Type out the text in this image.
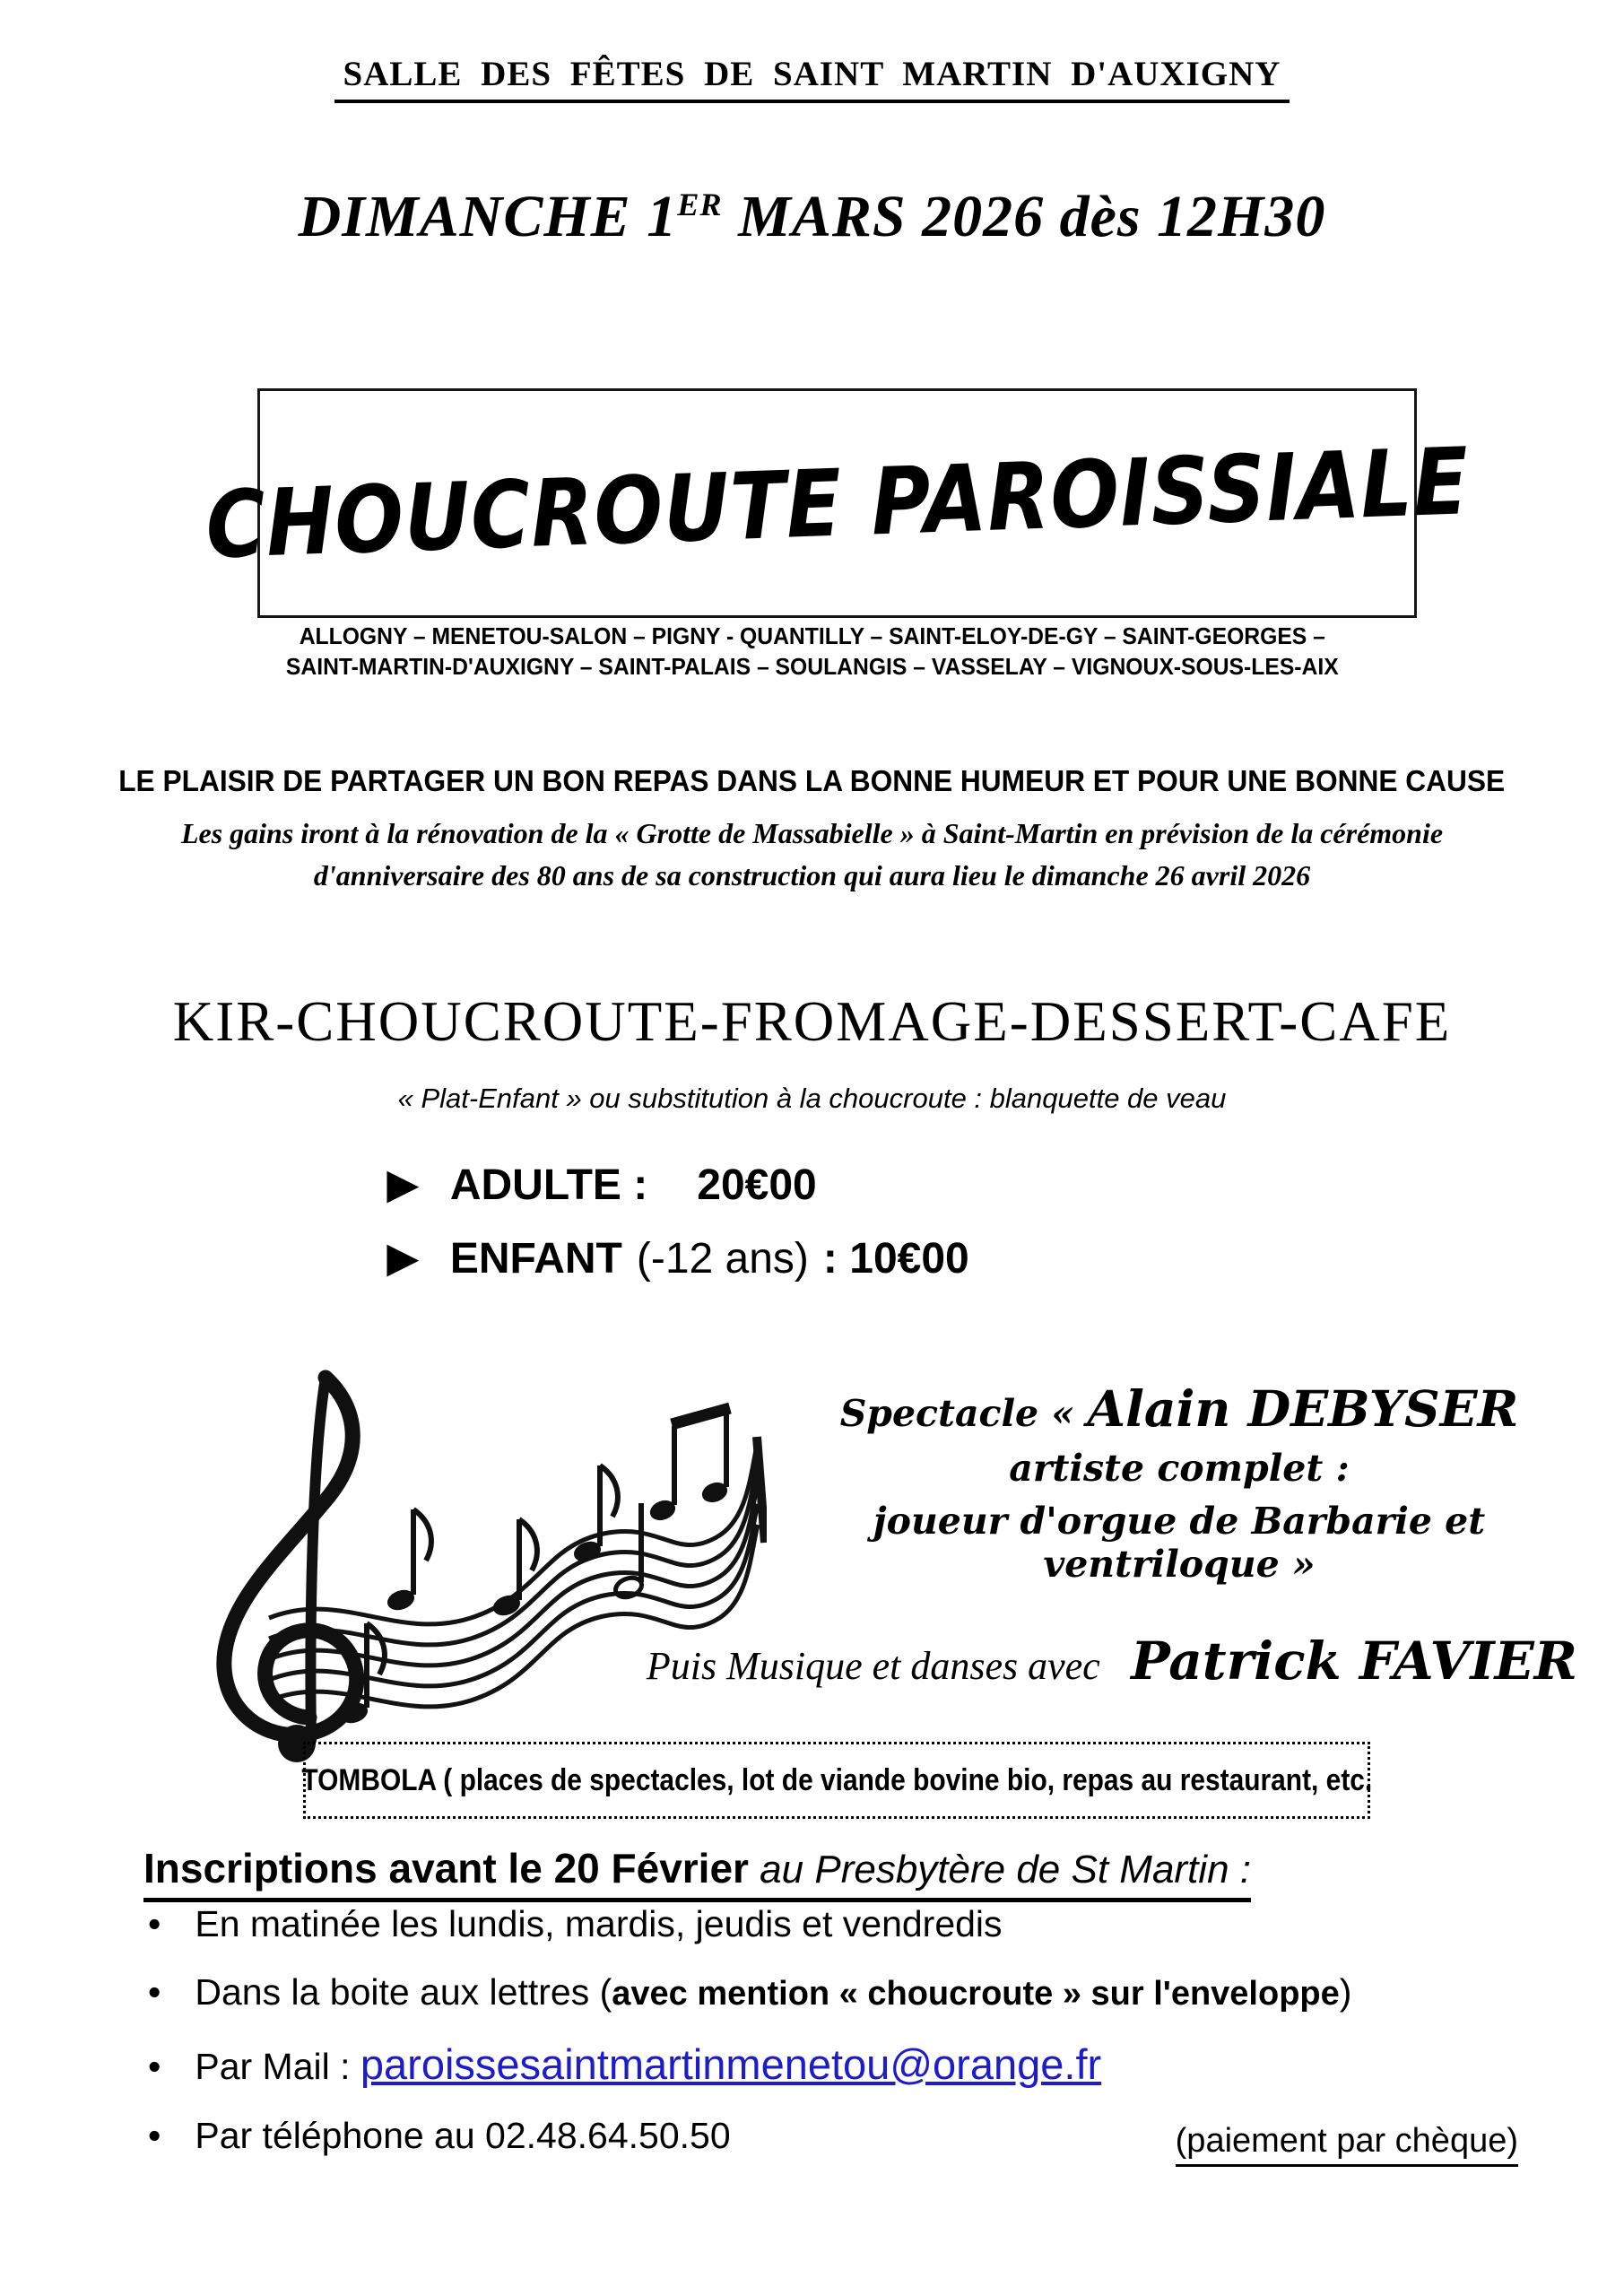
SALLE DES FÊTES DE SAINT MARTIN D'AUXIGNY
DIMANCHE 1ER MARS 2026 dès 12H30
CHOUCROUTE PAROISSIALE
ALLOGNY – MENETOU-SALON – PIGNY - QUANTILLY – SAINT-ELOY-DE-GY – SAINT-GEORGES –
SAINT-MARTIN-D'AUXIGNY – SAINT-PALAIS – SOULANGIS – VASSELAY – VIGNOUX-SOUS-LES-AIX
LE PLAISIR DE PARTAGER UN BON REPAS DANS LA BONNE HUMEUR ET POUR UNE BONNE CAUSE
Les gains iront à la rénovation de la « Grotte de Massabielle » à Saint-Martin en prévision de la cérémonie
d'anniversaire des 80 ans de sa construction qui aura lieu le dimanche 26 avril 2026
KIR-CHOUCROUTE-FROMAGE-DESSERT-CAFE
« Plat-Enfant » ou substitution à la choucroute : blanquette de veau
▶ ADULTE : 20€00
▶ ENFANT (-12 ans) : 10€00
Spectacle « Alain DEBYSER
artiste complet :
joueur d'orgue de Barbarie et ventriloque »
Puis Musique et danses avec Patrick FAVIER
TOMBOLA ( places de spectacles, lot de viande bovine bio, repas au restaurant, etc.
Inscriptions avant le 20 Février au Presbytère de St Martin :
• En matinée les lundis, mardis, jeudis et vendredis
• Dans la boite aux lettres (avec mention « choucroute » sur l'enveloppe)
• Par Mail : paroissesaintmartinmenetou@orange.fr
• Par téléphone au 02.48.64.50.50	(paiement par chèque)
